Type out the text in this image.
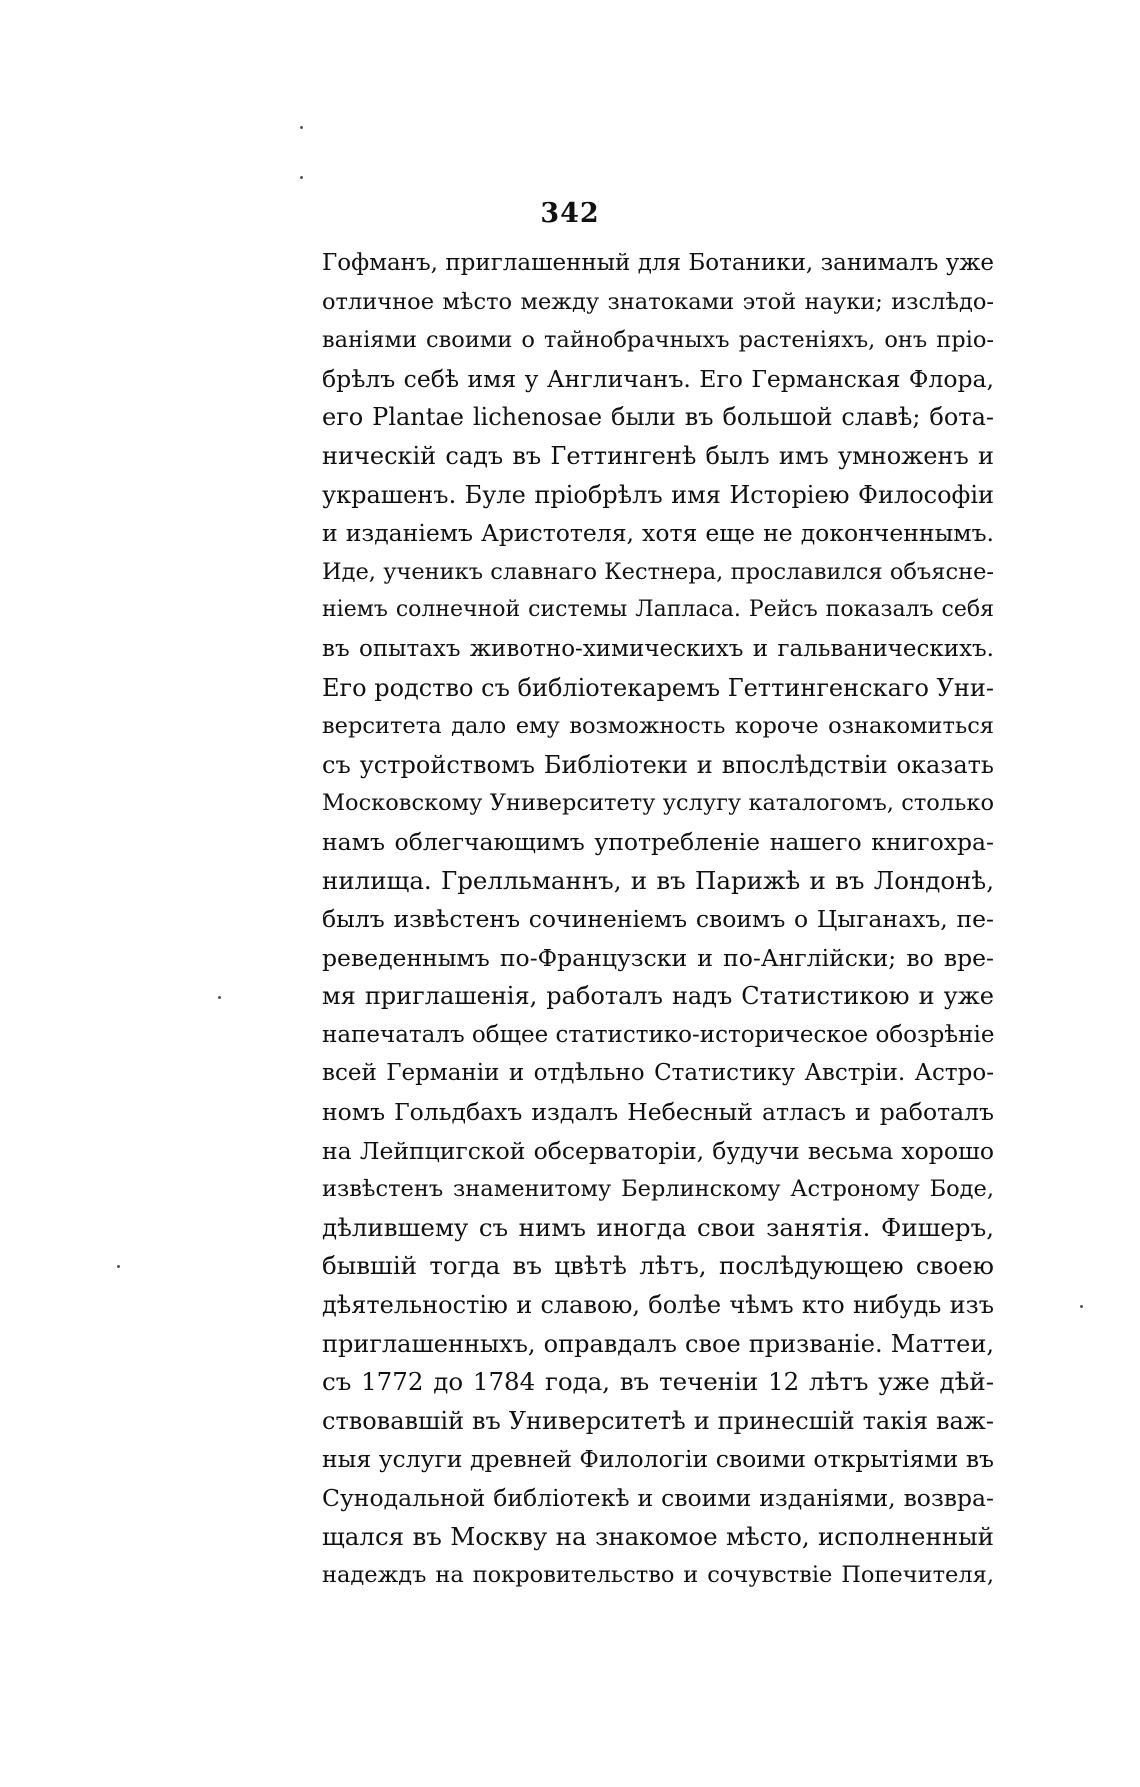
342
Гофманъ, приглашенный для Ботаники, занималъ уже
отличное мѣсто между знатоками этой науки; изслѣдо-
ваніями своими о тайнобрачныхъ растеніяхъ, онъ пріо-
брѣлъ себѣ имя у Англичанъ. Его Германская Флора,
его Plantae lichenosae были въ большой славѣ; бота-
ническій садъ въ Геттингенѣ былъ имъ умноженъ и
украшенъ. Буле пріобрѣлъ имя Исторіею Философіи
и изданіемъ Аристотеля, хотя еще не доконченнымъ.
Иде, ученикъ славнаго Кестнера, прославился объясне-
ніемъ солнечной системы Лапласа. Рейсъ показалъ себя
въ опытахъ животно-химическихъ и гальваническихъ.
Его родство съ библіотекаремъ Геттингенскаго Уни-
верситета дало ему возможность короче ознакомиться
съ устройствомъ Библіотеки и впослѣдствіи оказать
Московскому Университету услугу каталогомъ, столько
намъ облегчающимъ употребленіе нашего книгохра-
нилища. Грелльманнъ, и въ Парижѣ и въ Лондонѣ,
былъ извѣстенъ сочиненіемъ своимъ о Цыганахъ, пе-
реведеннымъ по-Французски и по-Англійски; во вре-
мя приглашенія, работалъ надъ Статистикою и уже
напечаталъ общее статистико-историческое обозрѣніе
всей Германіи и отдѣльно Статистику Австріи. Астро-
номъ Гольдбахъ издалъ Небесный атласъ и работалъ
на Лейпцигской обсерваторіи, будучи весьма хорошо
извѣстенъ знаменитому Берлинскому Астроному Боде,
дѣлившему съ нимъ иногда свои занятія. Фишеръ,
бывшій тогда въ цвѣтѣ лѣтъ, послѣдующею своею
дѣятельностію и славою, болѣе чѣмъ кто нибудь изъ
приглашенныхъ, оправдалъ свое призваніе. Маттеи,
съ 1772 до 1784 года, въ теченіи 12 лѣтъ уже дѣй-
ствовавшій въ Университетѣ и принесшій такія важ-
ныя услуги древней Филологіи своими открытіями въ
Сунодальной библіотекѣ и своими изданіями, возвра-
щался въ Москву на знакомое мѣсто, исполненный
надеждъ на покровительство и сочувствіе Попечителя,
